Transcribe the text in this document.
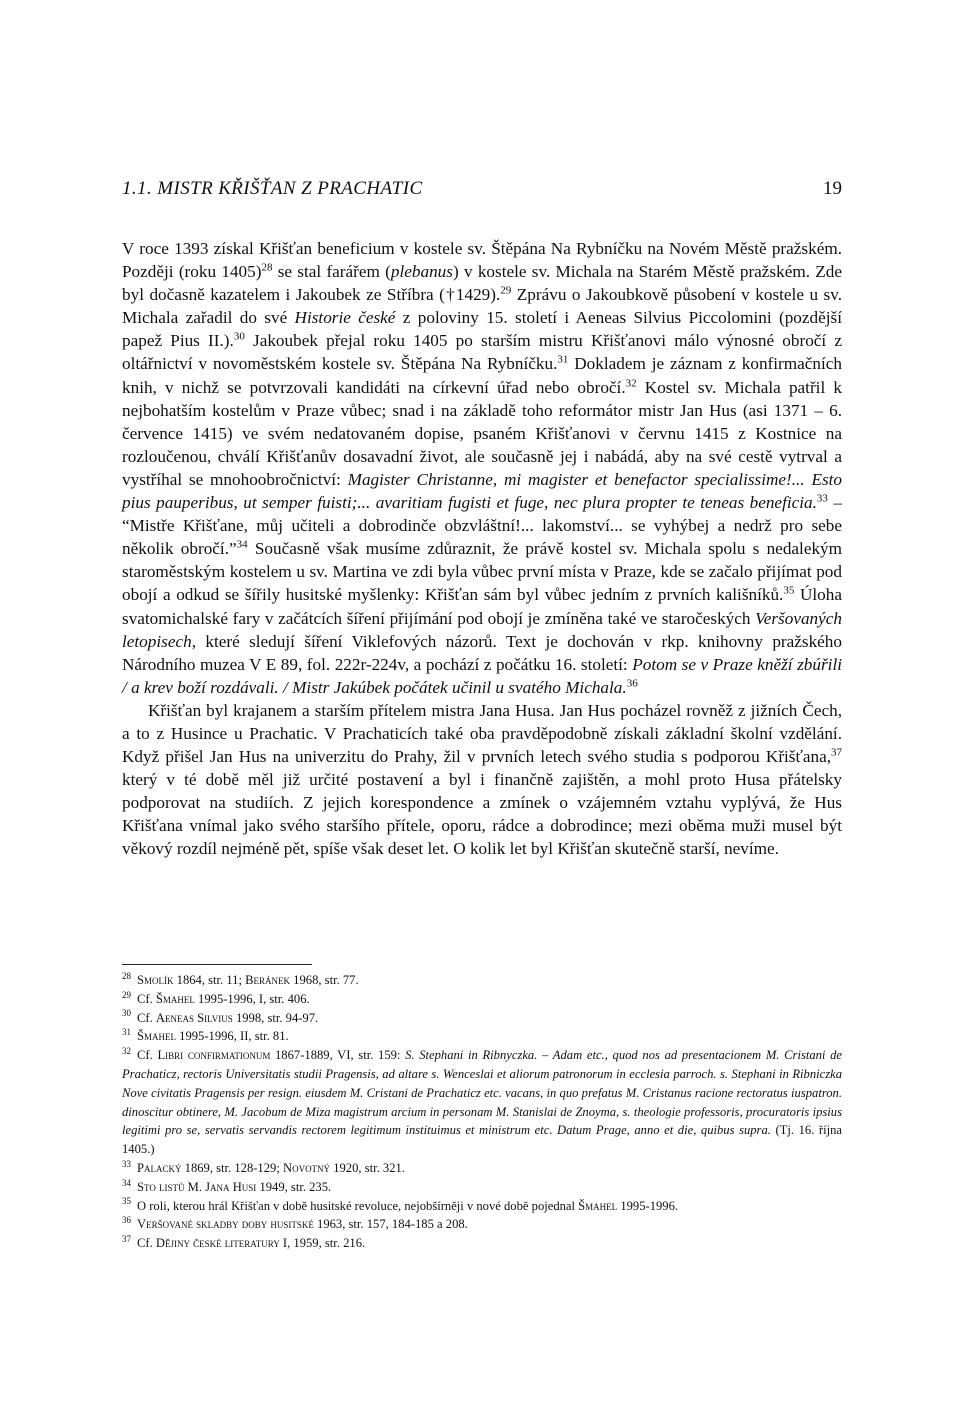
1.1. MISTR KŘIŠŤAN Z PRACHATIC	19

V roce 1393 získal Křišťan beneficium v kostele sv. Štěpána Na Rybníčku na Novém Městě pražském. Později (roku 1405)$^{28}$ se stal farářem (plebanus) v kostele sv. Michala na Starém Městě pražském. Zde byl dočasně kazatelem i Jakoubek ze Stříbra (†1429).$^{29}$ Zprávu o Jakoubkově působení v kostele u sv. Michala zařadil do své Historie české z poloviny 15. století i Aeneas Silvius Piccolomini (pozdější papež Pius II.).$^{30}$ Jakoubek přejal roku 1405 po starším mistru Křišťanovi málo výnosné obročí z oltářnictví v novoměstském kostele sv. Štěpána Na Rybníčku.$^{31}$ Dokladem je záznam z konfirmačních knih, v nichž se potvrzovali kandidáti na církevní úřad nebo obročí.$^{32}$ Kostel sv. Michala patřil k nejbohatším kostelům v Praze vůbec; snad i na základě toho reformátor mistr Jan Hus (asi 1371 – 6. července 1415) ve svém nedatovaném dopise, psaném Křišťanovi v červnu 1415 z Kostnice na rozloučenou, chválí Křišťanův dosavadní život, ale současně jej i nabádá, aby na své cestě vytrval a vystříhal se mnohoobročnictví: Magister Christanne, mi magister et benefactor specialissime!... Esto pius pauperibus, ut semper fuisti;... avaritiam fugisti et fuge, nec plura propter te teneas beneficia.$^{33}$ – “Mistře Křišťane, můj učiteli a dobrodinče obzvláštní!... lakomství... se vyhýbej a nedrž pro sebe několik obročí.”$^{34}$ Současně však musíme zdůraznit, že právě kostel sv. Michala spolu s nedalekým staroměstským kostelem u sv. Martina ve zdi byla vůbec první místa v Praze, kde se začalo přijímat pod obojí a odkud se šířily husitské myšlenky: Křišťan sám byl vůbec jedním z prvních kališníků.$^{35}$ Úloha svatomichalské fary v začátcích šíření přijímání pod obojí je zmíněna také ve staročeských Veršovaných letopisech, které sledují šíření Viklefových názorů. Text je dochován v rkp. knihovny pražského Národního muzea V E 89, fol. 222r-224v, a pochází z počátku 16. století: Potom se v Praze kněží zbúřili / a krev boží rozdávali. / Mistr Jakúbek počátek učinil u svatého Michala.$^{36}$

Křišťan byl krajanem a starším přítelem mistra Jana Husa. Jan Hus pocházel rovněž z jižních Čech, a to z Husince u Prachatic. V Prachaticích také oba pravděpodobně získali základní školní vzdělání. Když přišel Jan Hus na univerzitu do Prahy, žil v prvních letech svého studia s podporou Křišťana,$^{37}$ který v té době měl již určité postavení a byl i finančně zajištěn, a mohl proto Husa přátelsky podporovat na studiích. Z jejich korespondence a zmínek o vzájemném vztahu vyplývá, že Hus Křišťana vnímal jako svého staršího přítele, oporu, rádce a dobrodince; mezi oběma muži musel být věkový rozdíl nejméně pět, spíše však deset let. O kolik let byl Křišťan skutečně starší, nevíme.

28 Smolík 1864, str. 11; Beránek 1968, str. 77.

29 Cf. Šmahel 1995-1996, I, str. 406.

30 Cf. Aeneas Silvius 1998, str. 94-97.

31 Šmahel 1995-1996, II, str. 81.

32 Cf. Libri confirmationum 1867-1889, VI, str. 159: S. Stephani in Ribnyczka. – Adam etc., quod nos ad presentacionem M. Cristani de Prachaticz, rectoris Universitatis studii Pragensis, ad altare s. Wenceslai et aliorum patronorum in ecclesia parroch. s. Stephani in Ribniczka Nove civitatis Pragensis per resign. eiusdem M. Cristani de Prachaticz etc. vacans, in quo prefatus M. Cristanus racione rectoratus iuspatron. dinoscitur obtinere, M. Jacobum de Miza magistrum arcium in personam M. Stanislai de Znoyma, s. theologie professoris, procuratoris ipsius legitimi pro se, servatis servandis rectorem legitimum instituimus et ministrum etc. Datum Prage, anno et die, quibus supra. (Tj. 16. října 1405.)

33 Palacký 1869, str. 128-129; Novotný 1920, str. 321.

34 Sto listů M. Jana Husi 1949, str. 235.

35 O roli, kterou hrál Křišťan v době husitské revoluce, nejobšírněji v nové době pojednal Šmahel 1995-1996.

36 Veršované skladby doby husitské 1963, str. 157, 184-185 a 208.

37 Cf. Dějiny české literatury I, 1959, str. 216.
